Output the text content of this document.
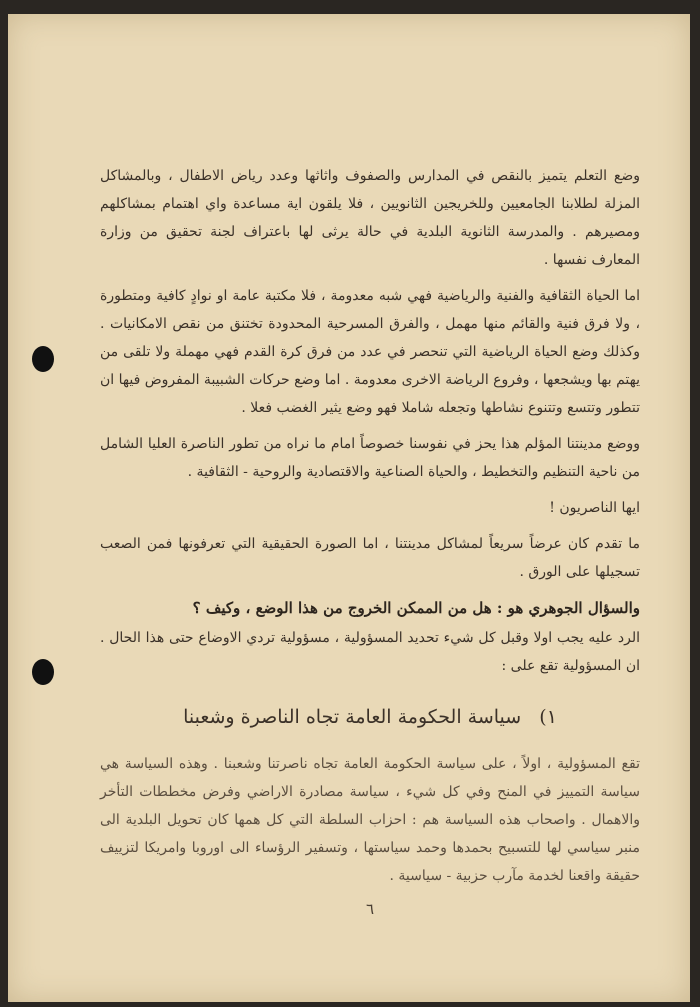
وضع التعلم يتميز بالنقص في المدارس والصفوف واثاثها وعدد رياض الاطفال ، وبالمشاكل المزلة لطلابنا الجامعيين وللخريجين الثانويين ، فلا يلقون اية مساعدة واي اهتمام بمشاكلهم ومصيرهم . والمدرسة الثانوية البلدية في حالة يرثى لها باعتراف لجنة تحقيق من وزارة المعارف نفسها .

اما الحياة الثقافية والفنية والرياضية فهي شبه معدومة ، فلا مكتبة عامة او نوادٍ كافية ومتطورة ، ولا فرق فنية والقائم منها مهمل ، والفرق المسرحية المحدودة تختنق من نقص الامكانيات . وكذلك وضع الحياة الرياضية التي تنحصر في عدد من فرق كرة القدم فهي مهملة ولا تلقى من يهتم بها ويشجعها ، وفروع الرياضة الاخرى معدومة . اما وضع حركات الشبيبة المفروض فيها ان تتطور وتتسع وتتنوع نشاطها وتجعله شاملا فهو وضع يثير الغضب فعلا .

ووضع مدينتنا المؤلم هذا يحز في نفوسنا خصوصاً امام ما نراه من تطور الناصرة العليا الشامل من ناحية التنظيم والتخطيط ، والحياة الصناعية والاقتصادية والروحية - الثقافية .

ايها الناصريون !

ما تقدم كان عرضاً سريعاً لمشاكل مدينتنا ، اما الصورة الحقيقية التي تعرفونها فمن الصعب تسجيلها على الورق .

والسؤال الجوهري هو : هل من الممكن الخروج من هذا الوضع ، وكيف ؟

الرد عليه يجب اولا وقبل كل شيء تحديد المسؤولية ، مسؤولية تردي الاوضاع حتى هذا الحال . ان المسؤولية تقع على :

١) سياسة الحكومة العامة تجاه الناصرة وشعبنا

تقع المسؤولية ، اولاً ، على سياسة الحكومة العامة تجاه ناصرتنا وشعبنا . وهذه السياسة هي سياسة التمييز في المنح وفي كل شيء ، سياسة مصادرة الاراضي وفرض مخططات التأخر والاهمال . واصحاب هذه السياسة هم : احزاب السلطة التي كل همها كان تحويل البلدية الى منبر سياسي لها للتسبيح بحمدها وحمد سياستها ، وتسفير الرؤساء الى اوروبا وامريكا لتزييف حقيقة واقعنا لخدمة مآرب حزبية - سياسية .

٦
